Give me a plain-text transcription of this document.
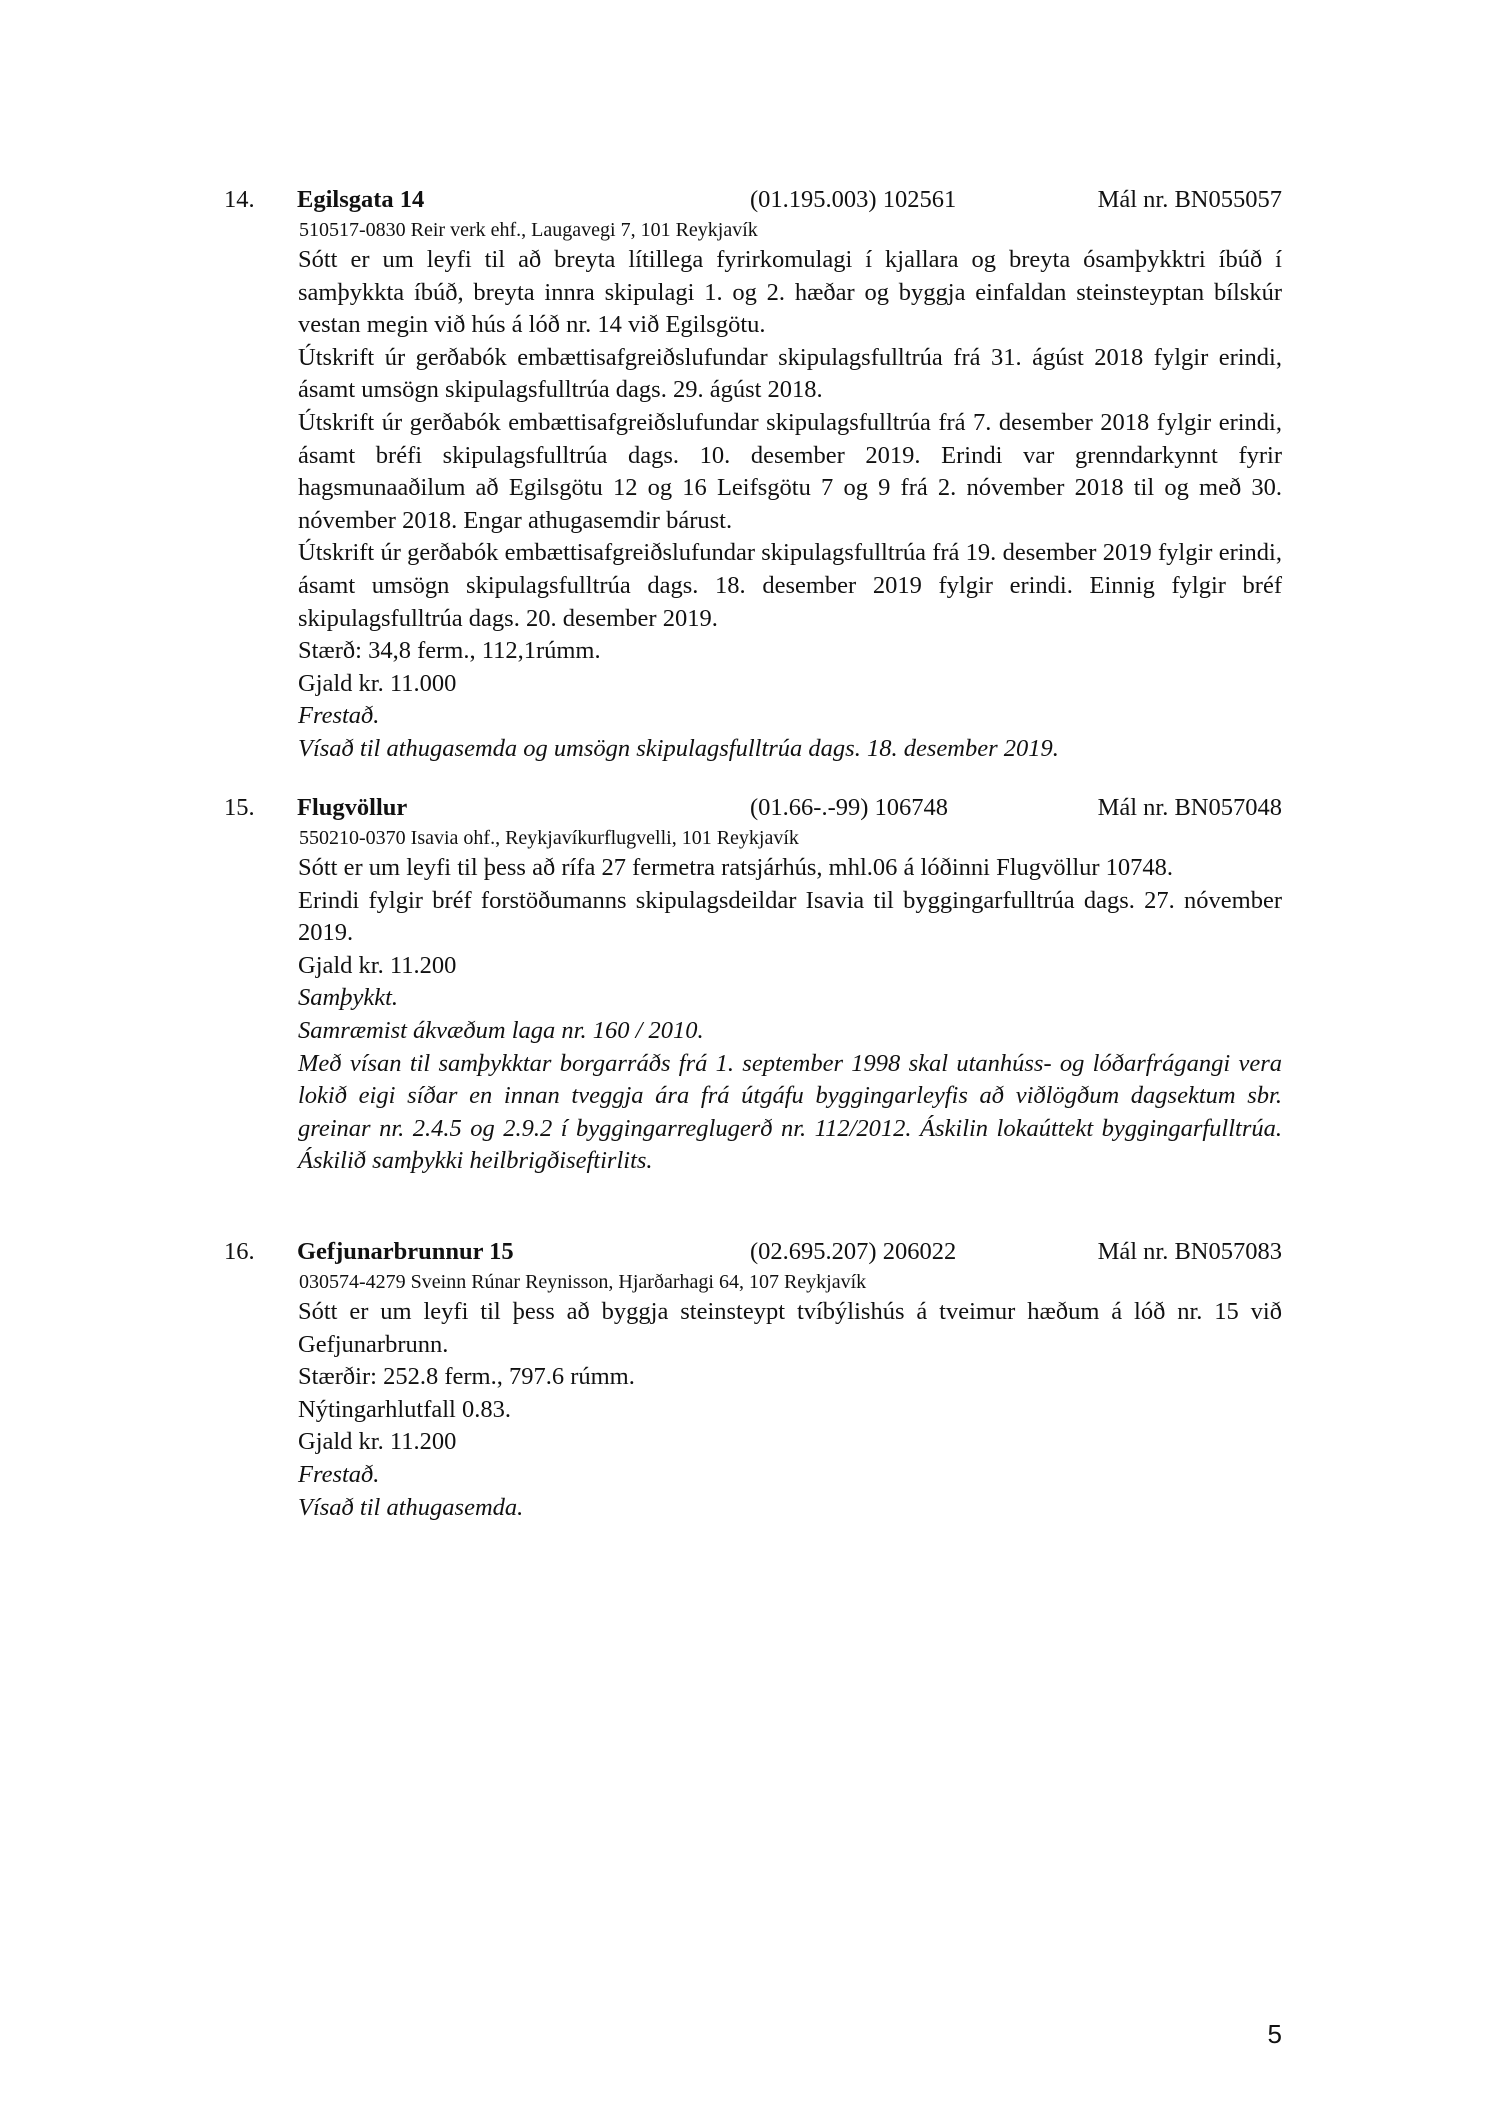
14. Egilsgata 14	(01.195.003) 102561	Mál nr. BN055057
510517-0830 Reir verk ehf., Laugavegi 7, 101 Reykjavík

Sótt er um leyfi til að breyta lítillega fyrirkomulagi í kjallara og breyta ósamþykktri íbúð í samþykkta íbúð, breyta innra skipulagi 1. og 2. hæðar og byggja einfaldan steinsteyptan bílskúr vestan megin við hús á lóð nr. 14 við Egilsgötu.

Útskrift úr gerðabók embættisafgreiðslufundar skipulagsfulltrúa frá 31. ágúst 2018 fylgir erindi, ásamt umsögn skipulagsfulltrúa dags. 29. ágúst 2018.

Útskrift úr gerðabók embættisafgreiðslufundar skipulagsfulltrúa frá 7. desember 2018 fylgir erindi, ásamt bréfi skipulagsfulltrúa dags. 10. desember 2019. Erindi var grenndarkynnt fyrir hagsmunaaðilum að Egilsgötu 12 og 16 Leifsgötu 7 og 9 frá 2. nóvember 2018 til og með 30. nóvember 2018. Engar athugasemdir bárust.

Útskrift úr gerðabók embættisafgreiðslufundar skipulagsfulltrúa frá 19. desember 2019 fylgir erindi, ásamt umsögn skipulagsfulltrúa dags. 18. desember 2019 fylgir erindi. Einnig fylgir bréf skipulagsfulltrúa dags. 20. desember 2019.

Stærð: 34,8 ferm., 112,1rúmm.

Gjald kr. 11.000

Frestað.

Vísað til athugasemda og umsögn skipulagsfulltrúa dags. 18. desember 2019.

15. Flugvöllur	(01.66-.-99) 106748	Mál nr. BN057048
550210-0370 Isavia ohf., Reykjavíkurflugvelli, 101 Reykjavík

Sótt er um leyfi til þess að rífa 27 fermetra ratsjárhús, mhl.06 á lóðinni Flugvöllur 10748.

Erindi fylgir bréf forstöðumanns skipulagsdeildar Isavia til byggingarfulltrúa dags. 27. nóvember 2019.

Gjald kr. 11.200

Samþykkt.

Samræmist ákvæðum laga nr. 160 / 2010.

Með vísan til samþykktar borgarráðs frá 1. september 1998 skal utanhúss- og lóðarfrágangi vera lokið eigi síðar en innan tveggja ára frá útgáfu byggingarleyfis að viðlögðum dagsektum sbr. greinar nr. 2.4.5 og 2.9.2 í byggingarreglugerð nr. 112/2012. Áskilin lokaúttekt byggingarfulltrúa. Áskilið samþykki heilbrigðiseftirlits.

16. Gefjunarbrunnur 15	(02.695.207) 206022	Mál nr. BN057083
030574-4279 Sveinn Rúnar Reynisson, Hjarðarhagi 64, 107 Reykjavík

Sótt er um leyfi til þess að byggja steinsteypt tvíbýlishús á tveimur hæðum á lóð nr. 15 við Gefjunarbrunn.

Stærðir: 252.8 ferm., 797.6 rúmm.

Nýtingarhlutfall 0.83.

Gjald kr. 11.200

Frestað.

Vísað til athugasemda.

5
